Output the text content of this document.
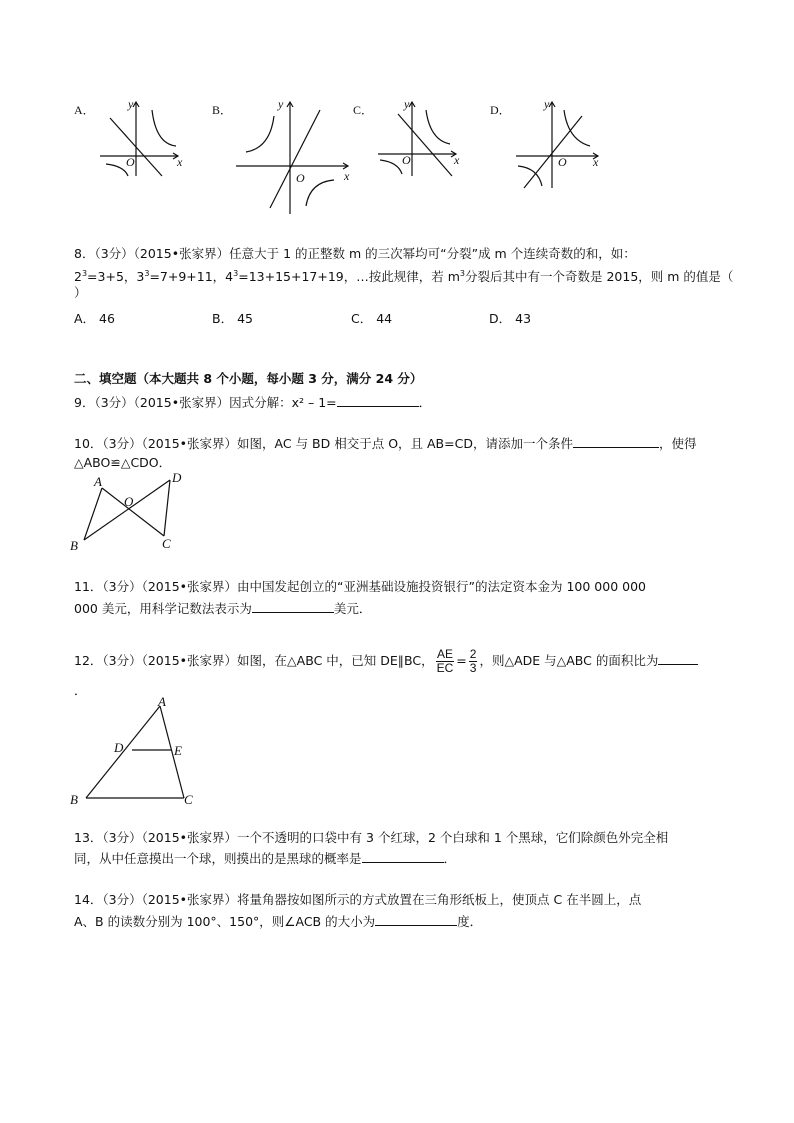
A．	y
x
O
B．	y
x
O
C．	y
x
O
D．	y
x
O
8．（3分）（2015•张家界）任意大于 1 的正整数 m 的三次幂均可“分裂”成 m 个连续奇数的和，如：
$2^3=3+5$，$3^3=7+9+11$，$4^3=13+15+17+19$，…按此规律，若 $m^3$分裂后其中有一个奇数是 2015，则 m 的值是（
）
A． 46	B． 45	C． 44	D． 43
二、填空题（本大题共 8 个小题，每小题 3 分，满分 24 分）
9．（3分）（2015•张家界）因式分解：x² – 1=	．
10．（3分）（2015•张家界）如图，AC 与 BD 相交于点 O，且 AB=CD，请添加一个条件	，使得
△ABO≌△CDO．
A
B	C
D
O
11．（3分）（2015•张家界）由中国发起创立的“亚洲基础设施投资银行”的法定资本金为 100 000 000
000 美元，用科学记数法表示为	美元．
12．（3分）（2015•张家界）如图，在△ABC 中，已知 DE∥BC， $\frac{AE}{EC} = \frac{2}{3}$ ，则△ADE 与△ABC 的面积比为
．
A
B	C
D	E
13．（3分）（2015•张家界）一个不透明的口袋中有 3 个红球，2 个白球和 1 个黑球，它们除颜色外完全相
同，从中任意摸出一个球，则摸出的是黑球的概率是	．
14．（3分）（2015•张家界）将量角器按如图所示的方式放置在三角形纸板上，使顶点 C 在半圆上，点
A、B 的读数分别为 100°、150°，则∠ACB 的大小为	度．
